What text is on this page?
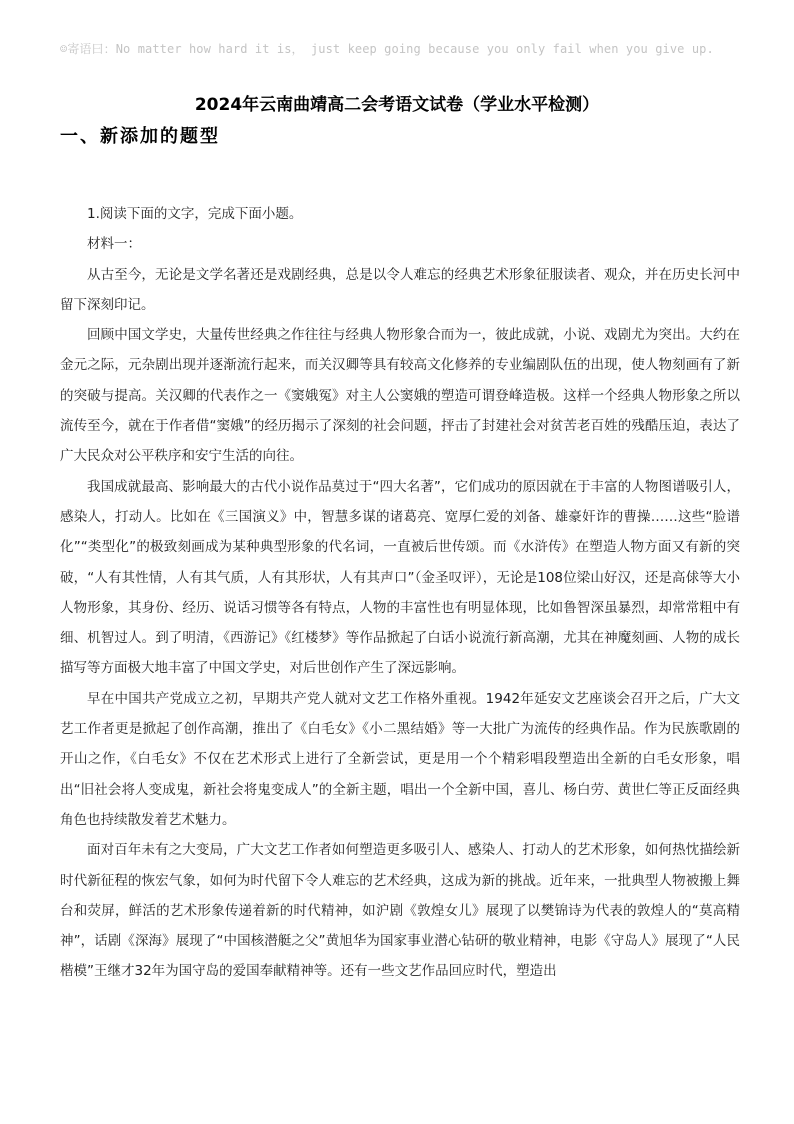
☺寄语曰：No matter how hard it is， just keep going because you only fail when you give up.
2024年云南曲靖高二会考语文试卷（学业水平检测）
一、新添加的题型

1.阅读下面的文字，完成下面小题。

材料一：

从古至今，无论是文学名著还是戏剧经典，总是以令人难忘的经典艺术形象征服读者、观众，并在历史长河中留下深刻印记。

回顾中国文学史，大量传世经典之作往往与经典人物形象合而为一，彼此成就，小说、戏剧尤为突出。大约在金元之际，元杂剧出现并逐渐流行起来，而关汉卿等具有较高文化修养的专业编剧队伍的出现，使人物刻画有了新的突破与提高。关汉卿的代表作之一《窦娥冤》对主人公窦娥的塑造可谓登峰造极。这样一个经典人物形象之所以流传至今，就在于作者借“窦娥”的经历揭示了深刻的社会问题，抨击了封建社会对贫苦老百姓的残酷压迫，表达了广大民众对公平秩序和安宁生活的向往。

我国成就最高、影响最大的古代小说作品莫过于“四大名著”，它们成功的原因就在于丰富的人物图谱吸引人，感染人，打动人。比如在《三国演义》中，智慧多谋的诸葛亮、宽厚仁爱的刘备、雄豪奸诈的曹操……这些“脸谱化”“类型化”的极致刻画成为某种典型形象的代名词，一直被后世传颂。而《水浒传》在塑造人物方面又有新的突破，“人有其性情，人有其气质，人有其形状，人有其声口”（金圣叹评），无论是108位梁山好汉，还是高俅等大小人物形象，其身份、经历、说话习惯等各有特点，人物的丰富性也有明显体现，比如鲁智深虽暴烈，却常常粗中有细、机智过人。到了明清，《西游记》《红楼梦》等作品掀起了白话小说流行新高潮，尤其在神魔刻画、人物的成长描写等方面极大地丰富了中国文学史，对后世创作产生了深远影响。

早在中国共产党成立之初，早期共产党人就对文艺工作格外重视。1942年延安文艺座谈会召开之后，广大文艺工作者更是掀起了创作高潮，推出了《白毛女》《小二黑结婚》等一大批广为流传的经典作品。作为民族歌剧的开山之作，《白毛女》不仅在艺术形式上进行了全新尝试，更是用一个个精彩唱段塑造出全新的白毛女形象，唱出“旧社会将人变成鬼，新社会将鬼变成人”的全新主题，唱出一个全新中国，喜儿、杨白劳、黄世仁等正反面经典角色也持续散发着艺术魅力。

面对百年未有之大变局，广大文艺工作者如何塑造更多吸引人、感染人、打动人的艺术形象，如何热忱描绘新时代新征程的恢宏气象，如何为时代留下令人难忘的艺术经典，这成为新的挑战。近年来，一批典型人物被搬上舞台和荧屏，鲜活的艺术形象传递着新的时代精神，如沪剧《敦煌女儿》展现了以樊锦诗为代表的敦煌人的“莫高精神”，话剧《深海》展现了“中国核潜艇之父”黄旭华为国家事业潜心钻研的敬业精神，电影《守岛人》展现了“人民楷模”王继才32年为国守岛的爱国奉献精神等。还有一些文艺作品回应时代，塑造出
